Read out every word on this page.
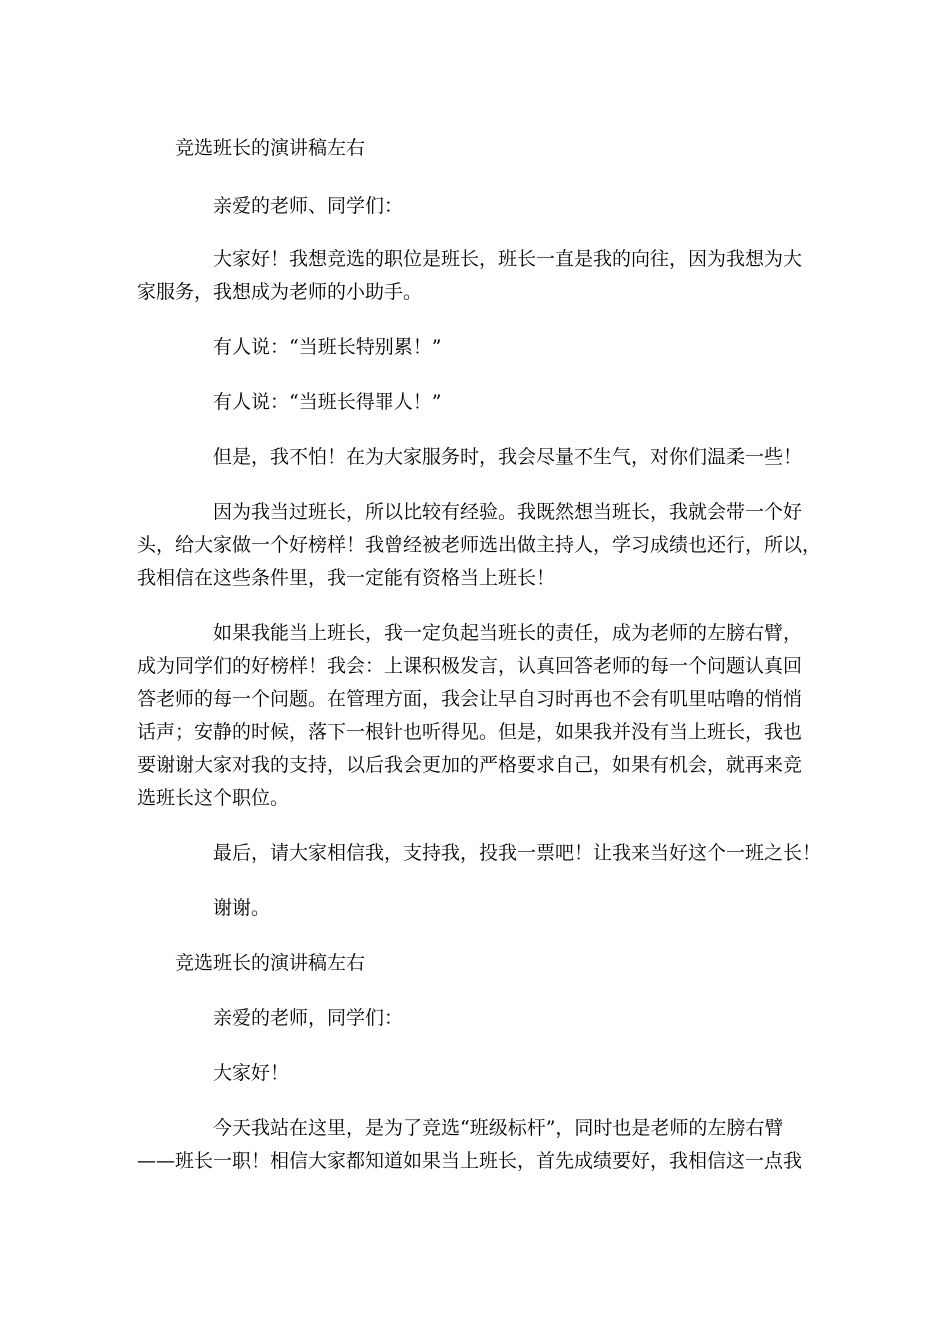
竞选班长的演讲稿左右
亲爱的老师、同学们：
大家好！我想竞选的职位是班长，班长一直是我的向往，因为我想为大
家服务，我想成为老师的小助手。
有人说：“当班长特别累！”
有人说：“当班长得罪人！”
但是，我不怕！在为大家服务时，我会尽量不生气，对你们温柔一些！
因为我当过班长，所以比较有经验。我既然想当班长，我就会带一个好
头，给大家做一个好榜样！我曾经被老师选出做主持人，学习成绩也还行，所以，
我相信在这些条件里，我一定能有资格当上班长！
如果我能当上班长，我一定负起当班长的责任，成为老师的左膀右臂，
成为同学们的好榜样！我会：上课积极发言，认真回答老师的每一个问题认真回
答老师的每一个问题。在管理方面，我会让早自习时再也不会有叽里咕噜的悄悄
话声；安静的时候，落下一根针也听得见。但是，如果我并没有当上班长，我也
要谢谢大家对我的支持，以后我会更加的严格要求自己，如果有机会，就再来竞
选班长这个职位。
最后，请大家相信我，支持我，投我一票吧！让我来当好这个一班之长！
谢谢。
竞选班长的演讲稿左右
亲爱的老师，同学们：
大家好！
今天我站在这里，是为了竞选“班级标杆”，同时也是老师的左膀右臂
——班长一职！相信大家都知道如果当上班长，首先成绩要好，我相信这一点我
